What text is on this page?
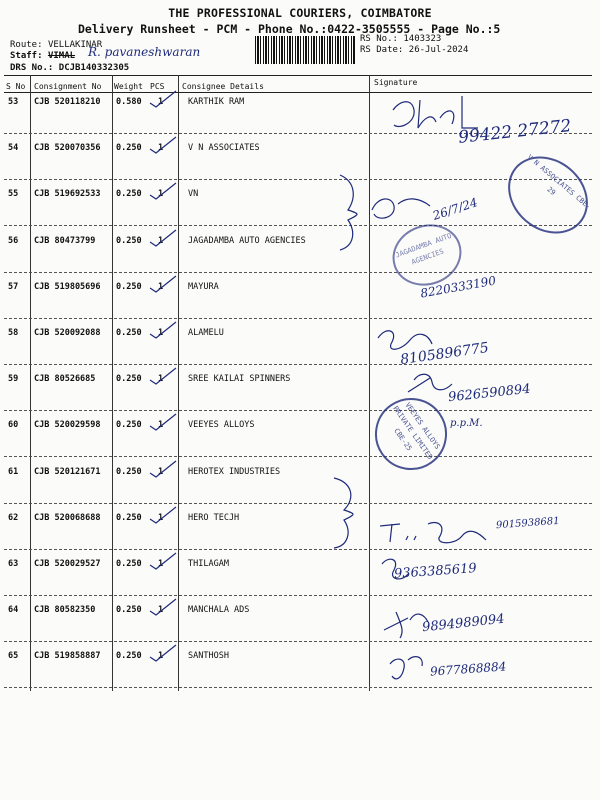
THE PROFESSIONAL COURIERS, COIMBATORE
Delivery Runsheet - PCM - Phone No.:0422-3505555 - Page No.:5
Route: VELLAKINAR
Staff: VIMAL R. pavaneshwaran
DRS No.: DCJB140332305
RS No.: 1403323
RS Date: 26-Jul-2024
S No Consignment No Weight PCS Consignee Details	Signature
53 CJB 520118210 0.580 1	KARTHIK RAM
99422 27272
54 CJB 520070356 0.250 1	V N ASSOCIATES
55 CJB 519692533 0.250 1	VN
26/7/24
56 CJB 80473799 0.250 1	JAGADAMBA AUTO AGENCIES
57 CJB 519805696 0.250 1	MAYURA	8220333190
58 CJB 520092088 0.250 1	ALAMELU
8105896775
59 CJB 80526685 0.250 1	SREE KAILAI SPINNERS
9626590894
60 CJB 520029598 0.250 1	VEEYES ALLOYS	p.p.M.
61 CJB 520121671 0.250 1	HEROTEX INDUSTRIES
62 CJB 520068688 0.250 1	HERO TECJH	9015938681
63 CJB 520029527 0.250 1	THILAGAM	9363385619
64 CJB 80582350 0.250 1	MANCHALA ADS
9894989094
65 CJB 519858887 0.250 1	SANTHOSH
9677868884
V N ASSOCIATES CBE-29
JAGADAMBA AUTO AGENCIES
VEEYES ALLOYS PRIVATE LIMITED CBE-25
